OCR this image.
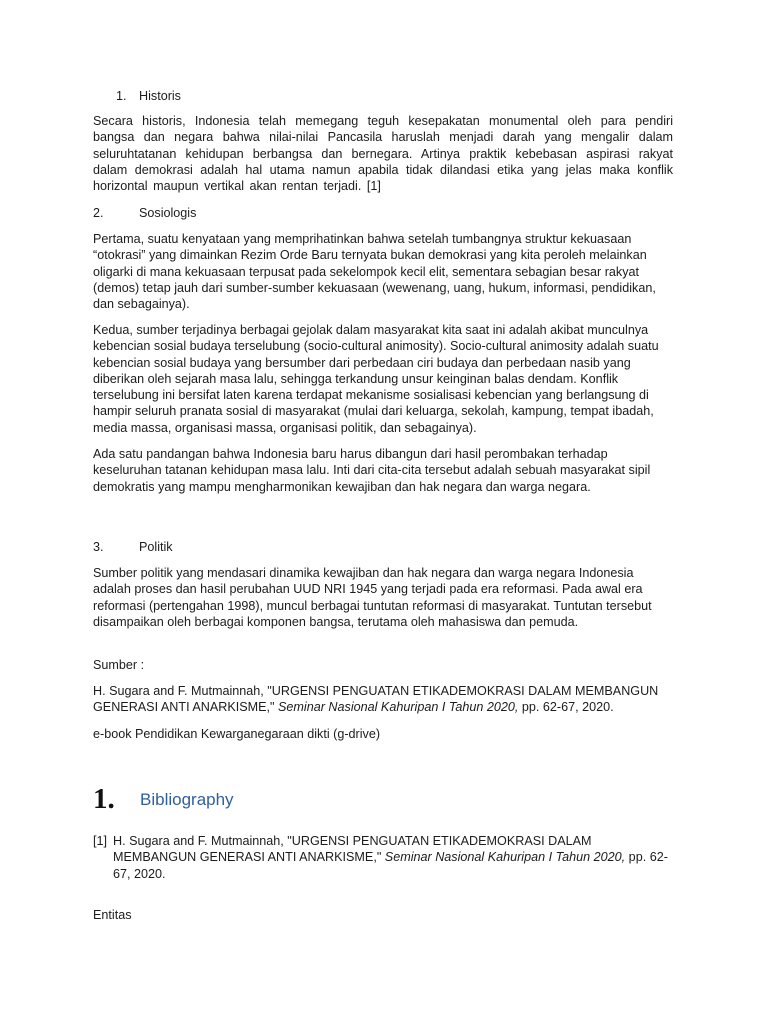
1. Historis

Secara historis, Indonesia telah memegang teguh kesepakatan monumental oleh para pendiri bangsa dan negara bahwa nilai-nilai Pancasila haruslah menjadi darah yang mengalir dalam seluruhtatanan kehidupan berbangsa dan bernegara. Artinya praktik kebebasan aspirasi rakyat dalam demokrasi adalah hal utama namun apabila tidak dilandasi etika yang jelas maka konflik horizontal maupun vertikal akan rentan terjadi. [1]

2.	Sosiologis

Pertama, suatu kenyataan yang memprihatinkan bahwa setelah tumbangnya struktur kekuasaan “otokrasi” yang dimainkan Rezim Orde Baru ternyata bukan demokrasi yang kita peroleh melainkan oligarki di mana kekuasaan terpusat pada sekelompok kecil elit, sementara sebagian besar rakyat (demos) tetap jauh dari sumber-sumber kekuasaan (wewenang, uang, hukum, informasi, pendidikan, dan sebagainya).

Kedua, sumber terjadinya berbagai gejolak dalam masyarakat kita saat ini adalah akibat munculnya kebencian sosial budaya terselubung (socio-cultural animosity). Socio-cultural animosity adalah suatu kebencian sosial budaya yang bersumber dari perbedaan ciri budaya dan perbedaan nasib yang diberikan oleh sejarah masa lalu, sehingga terkandung unsur keinginan balas dendam. Konflik terselubung ini bersifat laten karena terdapat mekanisme sosialisasi kebencian yang berlangsung di hampir seluruh pranata sosial di masyarakat (mulai dari keluarga, sekolah, kampung, tempat ibadah, media massa, organisasi massa, organisasi politik, dan sebagainya).

Ada satu pandangan bahwa Indonesia baru harus dibangun dari hasil perombakan terhadap keseluruhan tatanan kehidupan masa lalu. Inti dari cita-cita tersebut adalah sebuah masyarakat sipil demokratis yang mampu mengharmonikan kewajiban dan hak negara dan warga negara.

3.	Politik

Sumber politik yang mendasari dinamika kewajiban dan hak negara dan warga negara Indonesia adalah proses dan hasil perubahan UUD NRI 1945 yang terjadi pada era reformasi. Pada awal era reformasi (pertengahan 1998), muncul berbagai tuntutan reformasi di masyarakat. Tuntutan tersebut disampaikan oleh berbagai komponen bangsa, terutama oleh mahasiswa dan pemuda.

Sumber :

H. Sugara and F. Mutmainnah, "URGENSI PENGUATAN ETIKADEMOKRASI DALAM MEMBANGUN GENERASI ANTI ANARKISME," Seminar Nasional Kahuripan I Tahun 2020, pp. 62-67, 2020.

e-book Pendidikan Kewarganegaraan dikti (g-drive)

1. Bibliography
[1] H. Sugara and F. Mutmainnah, "URGENSI PENGUATAN ETIKADEMOKRASI DALAM MEMBANGUN GENERASI ANTI ANARKISME," Seminar Nasional Kahuripan I Tahun 2020, pp. 62-67, 2020.

Entitas
